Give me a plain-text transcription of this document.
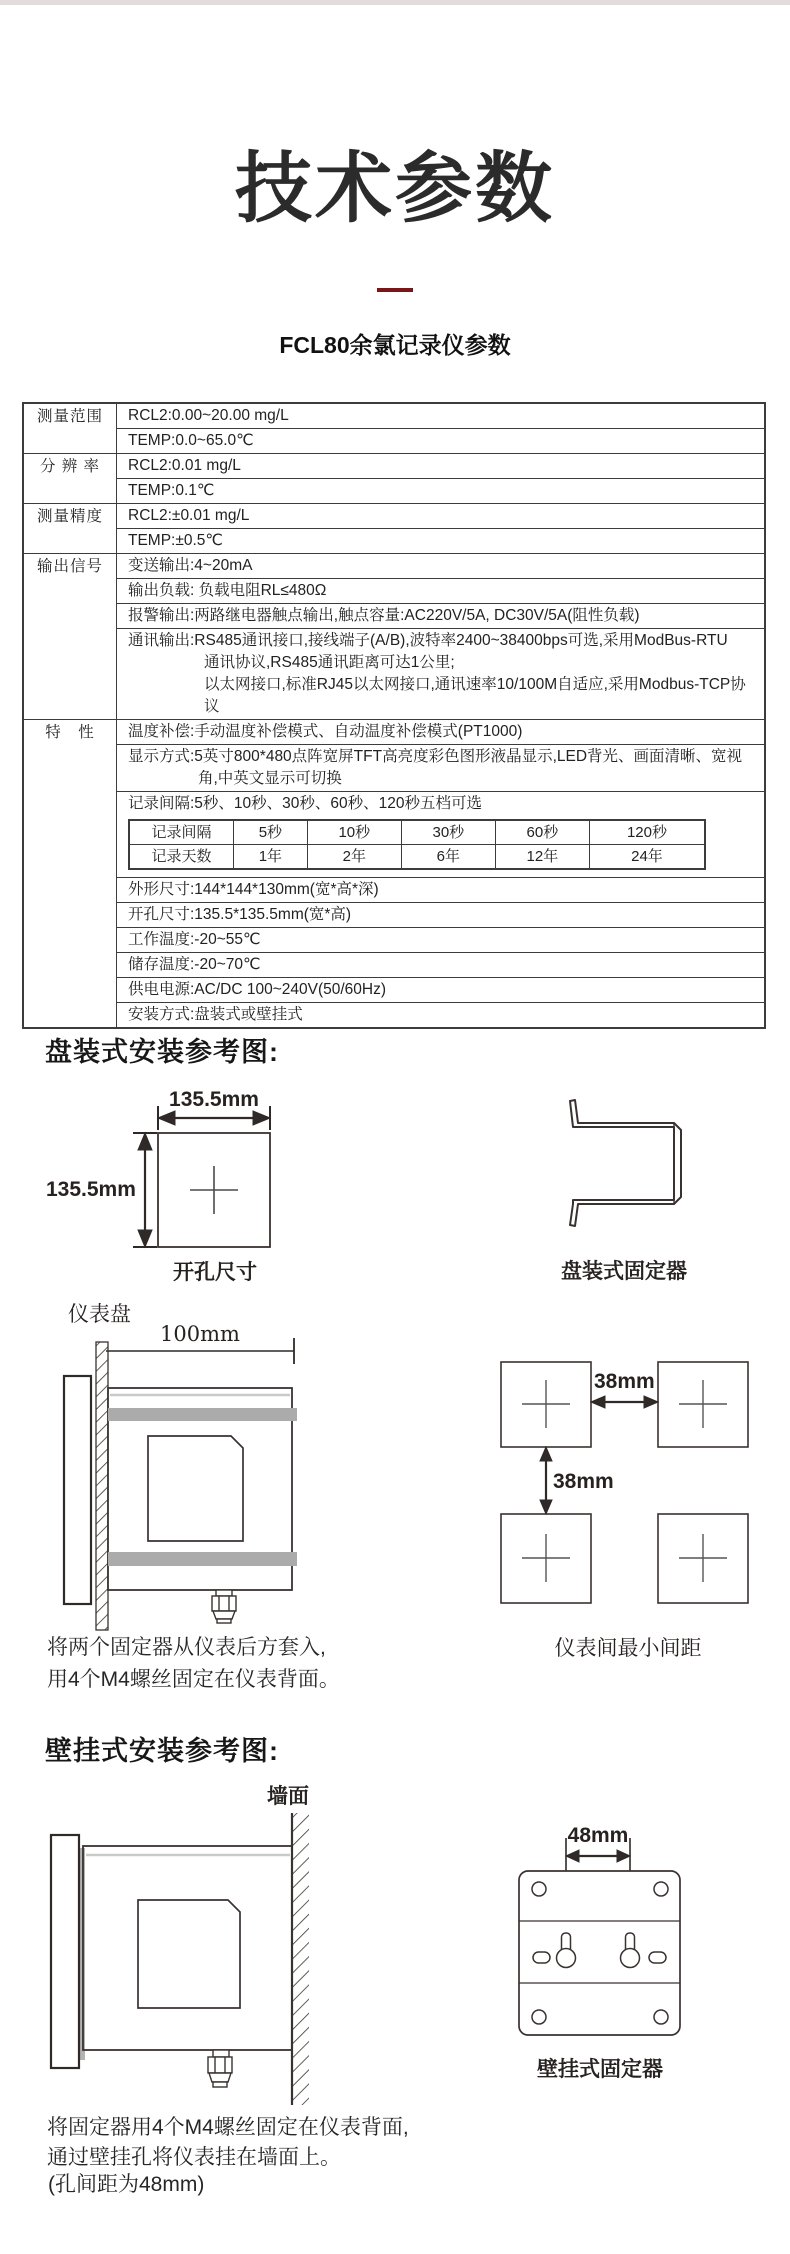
技术参数
FCL80余氯记录仪参数
测量范围	RCL2:0.00~20.00 mg/L
TEMP:0.0~65.0℃
分 辨 率	RCL2:0.01 mg/L
TEMP:0.1℃
测量精度	RCL2:±0.01 mg/L
TEMP:±0.5℃
输出信号	变送输出:4~20mA
输出负载: 负载电阻RL≤480Ω
报警输出:两路继电器触点输出,触点容量:AC220V/5A, DC30V/5A(阻性负载)

通讯输出:RS485通讯接口,接线端子(A/B),波特率2400~38400bps可选,采用ModBus-RTU
通讯协议,RS485通讯距离可达1公里;
以太网接口,标准RJ45以太网接口,通讯速率10/100M自适应,采用Modbus-TCP协议

特　性	温度补偿:手动温度补偿模式、自动温度补偿模式(PT1000)

显示方式:5英寸800*480点阵宽屏TFT高亮度彩色图形液晶显示,LED背光、画面清晰、宽视
角,中英文显示可切换

记录间隔:5秒、10秒、30秒、60秒、120秒五档可选
记录间隔	5秒	10秒	30秒	60秒	120秒
记录天数	1年	2年	6年	12年	24年

外形尺寸:144*144*130mm(宽*高*深)
开孔尺寸:135.5*135.5mm(宽*高)
工作温度:-20~55℃
储存温度:-20~70℃
供电电源:AC/DC 100~240V(50/60Hz)
安装方式:盘装式或壁挂式
盘装式安装参考图:
135.5mm
135.5mm
开孔尺寸	盘装式固定器
仪表盘
100mm
38mm
38mm
仪表间最小间距
将两个固定器从仪表后方套入,
用4个M4螺丝固定在仪表背面。
壁挂式安装参考图:
墙面
48mm
壁挂式固定器
将固定器用4个M4螺丝固定在仪表背面,
通过壁挂孔将仪表挂在墙面上。
(孔间距为48mm)
